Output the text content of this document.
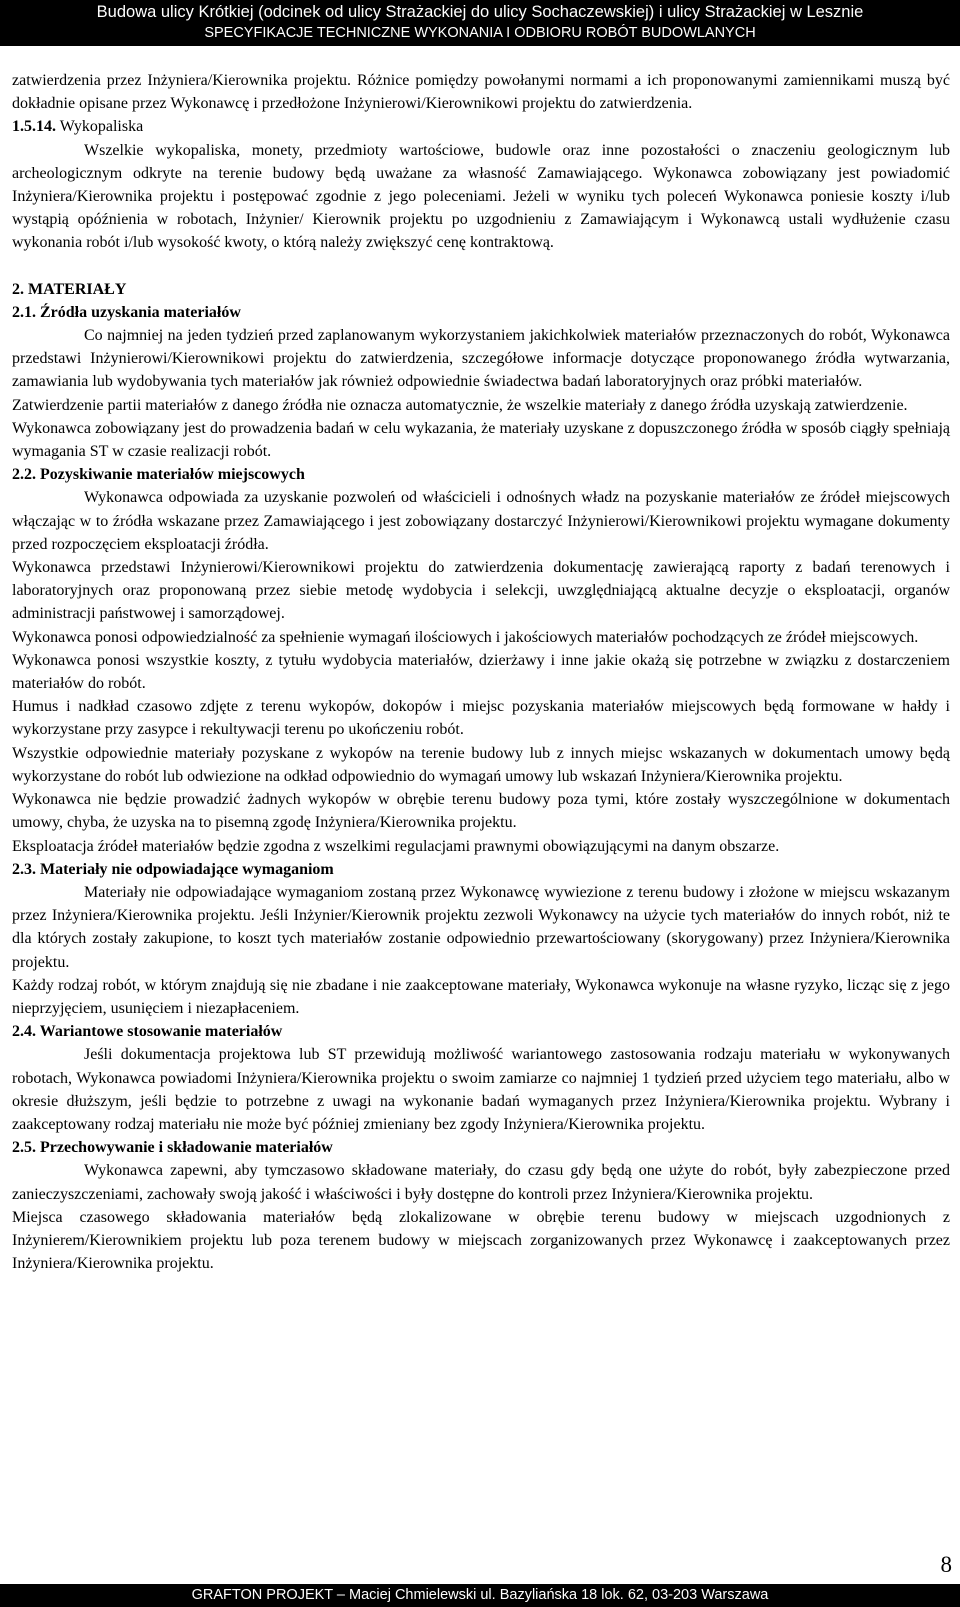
Budowa ulicy Krótkiej (odcinek od ulicy Strażackiej do ulicy Sochaczewskiej) i ulicy Strażackiej w Lesznie
SPECYFIKACJE TECHNICZNE WYKONANIA I ODBIORU ROBÓT BUDOWLANYCH

zatwierdzenia przez Inżyniera/Kierownika projektu. Różnice pomiędzy powołanymi normami a ich proponowanymi zamiennikami muszą być dokładnie opisane przez Wykonawcę i przedłożone Inżynierowi/Kierownikowi projektu do zatwierdzenia.

1.5.14. Wykopaliska

Wszelkie wykopaliska, monety, przedmioty wartościowe, budowle oraz inne pozostałości o znaczeniu geologicznym lub archeologicznym odkryte na terenie budowy będą uważane za własność Zamawiającego. Wykonawca zobowiązany jest powiadomić Inżyniera/Kierownika projektu i postępować zgodnie z jego poleceniami. Jeżeli w wyniku tych poleceń Wykonawca poniesie koszty i/lub wystąpią opóźnienia w robotach, Inżynier/ Kierownik projektu po uzgodnieniu z Zamawiającym i Wykonawcą ustali wydłużenie czasu wykonania robót i/lub wysokość kwoty, o którą należy zwiększyć cenę kontraktową.

2. MATERIAŁY

2.1. Źródła uzyskania materiałów

Co najmniej na jeden tydzień przed zaplanowanym wykorzystaniem jakichkolwiek materiałów przeznaczonych do robót, Wykonawca przedstawi Inżynierowi/Kierownikowi projektu do zatwierdzenia, szczegółowe informacje dotyczące proponowanego źródła wytwarzania, zamawiania lub wydobywania tych materiałów jak również odpowiednie świadectwa badań laboratoryjnych oraz próbki materiałów.

Zatwierdzenie partii materiałów z danego źródła nie oznacza automatycznie, że wszelkie materiały z danego źródła uzyskają zatwierdzenie.

Wykonawca zobowiązany jest do prowadzenia badań w celu wykazania, że materiały uzyskane z dopuszczonego źródła w sposób ciągły spełniają wymagania ST w czasie realizacji robót.

2.2. Pozyskiwanie materiałów miejscowych

Wykonawca odpowiada za uzyskanie pozwoleń od właścicieli i odnośnych władz na pozyskanie materiałów ze źródeł miejscowych włączając w to źródła wskazane przez Zamawiającego i jest zobowiązany dostarczyć Inżynierowi/Kierownikowi projektu wymagane dokumenty przed rozpoczęciem eksploatacji źródła.

Wykonawca przedstawi Inżynierowi/Kierownikowi projektu do zatwierdzenia dokumentację zawierającą raporty z badań terenowych i laboratoryjnych oraz proponowaną przez siebie metodę wydobycia i selekcji, uwzględniającą aktualne decyzje o eksploatacji, organów administracji państwowej i samorządowej.

Wykonawca ponosi odpowiedzialność za spełnienie wymagań ilościowych i jakościowych materiałów pochodzących ze źródeł miejscowych.

Wykonawca ponosi wszystkie koszty, z tytułu wydobycia materiałów, dzierżawy i inne jakie okażą się potrzebne w związku z dostarczeniem materiałów do robót.

Humus i nadkład czasowo zdjęte z terenu wykopów, dokopów i miejsc pozyskania materiałów miejscowych będą formowane w hałdy i wykorzystane przy zasypce i rekultywacji terenu po ukończeniu robót.

Wszystkie odpowiednie materiały pozyskane z wykopów na terenie budowy lub z innych miejsc wskazanych w dokumentach umowy będą wykorzystane do robót lub odwiezione na odkład odpowiednio do wymagań umowy lub wskazań Inżyniera/Kierownika projektu.

Wykonawca nie będzie prowadzić żadnych wykopów w obrębie terenu budowy poza tymi, które zostały wyszczególnione w dokumentach umowy, chyba, że uzyska na to pisemną zgodę Inżyniera/Kierownika projektu.

Eksploatacja źródeł materiałów będzie zgodna z wszelkimi regulacjami prawnymi obowiązującymi na danym obszarze.

2.3. Materiały nie odpowiadające wymaganiom

Materiały nie odpowiadające wymaganiom zostaną przez Wykonawcę wywiezione z terenu budowy i złożone w miejscu wskazanym przez Inżyniera/Kierownika projektu. Jeśli Inżynier/Kierownik projektu zezwoli Wykonawcy na użycie tych materiałów do innych robót, niż te dla których zostały zakupione, to koszt tych materiałów zostanie odpowiednio przewartościowany (skorygowany) przez Inżyniera/Kierownika projektu.

Każdy rodzaj robót, w którym znajdują się nie zbadane i nie zaakceptowane materiały, Wykonawca wykonuje na własne ryzyko, licząc się z jego nieprzyjęciem, usunięciem i niezapłaceniem.

2.4. Wariantowe stosowanie materiałów

Jeśli dokumentacja projektowa lub ST przewidują możliwość wariantowego zastosowania rodzaju materiału w wykonywanych robotach, Wykonawca powiadomi Inżyniera/Kierownika projektu o swoim zamiarze co najmniej 1 tydzień przed użyciem tego materiału, albo w okresie dłuższym, jeśli będzie to potrzebne z uwagi na wykonanie badań wymaganych przez Inżyniera/Kierownika projektu. Wybrany i zaakceptowany rodzaj materiału nie może być później zmieniany bez zgody Inżyniera/Kierownika projektu.

2.5. Przechowywanie i składowanie materiałów

Wykonawca zapewni, aby tymczasowo składowane materiały, do czasu gdy będą one użyte do robót, były zabezpieczone przed zanieczyszczeniami, zachowały swoją jakość i właściwości i były dostępne do kontroli przez Inżyniera/Kierownika projektu.

Miejsca czasowego składowania materiałów będą zlokalizowane w obrębie terenu budowy w miejscach uzgodnionych z Inżynierem/Kierownikiem projektu lub poza terenem budowy w miejscach zorganizowanych przez Wykonawcę i zaakceptowanych przez Inżyniera/Kierownika projektu.

8
GRAFTON PROJEKT – Maciej Chmielewski ul. Bazyliańska 18 lok. 62, 03-203 Warszawa
